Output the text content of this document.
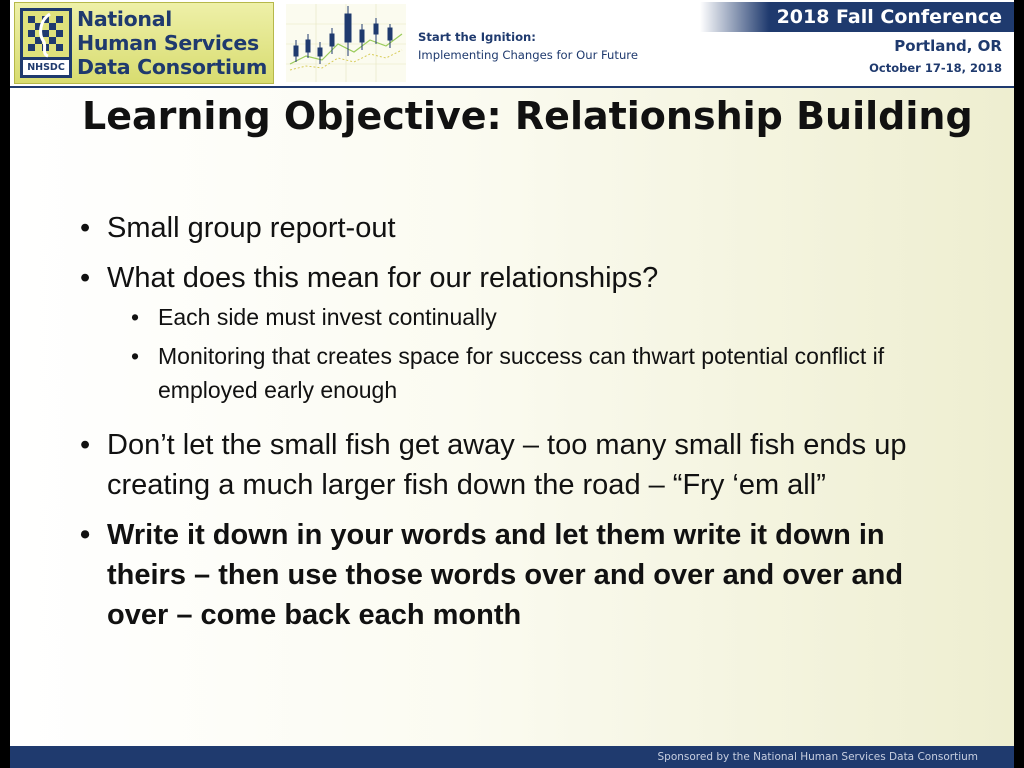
NHSDC
National
Human Services
Data Consortium
Start the Ignition:
Implementing Changes for Our Future
2018 Fall Conference
Portland, OR
October 17-18, 2018
Learning Objective: Relationship Building
• Small group report-out
• What does this mean for our relationships?
• Each side must invest continually
• Monitoring that creates space for success can thwart potential conflict if employed early enough
• Don’t let the small fish get away – too many small fish ends up creating a much larger fish down the road – “Fry ‘em all”
• Write it down in your words and let them write it down in theirs – then use those words over and over and over and over – come back each month
Sponsored by the National Human Services Data Consortium
